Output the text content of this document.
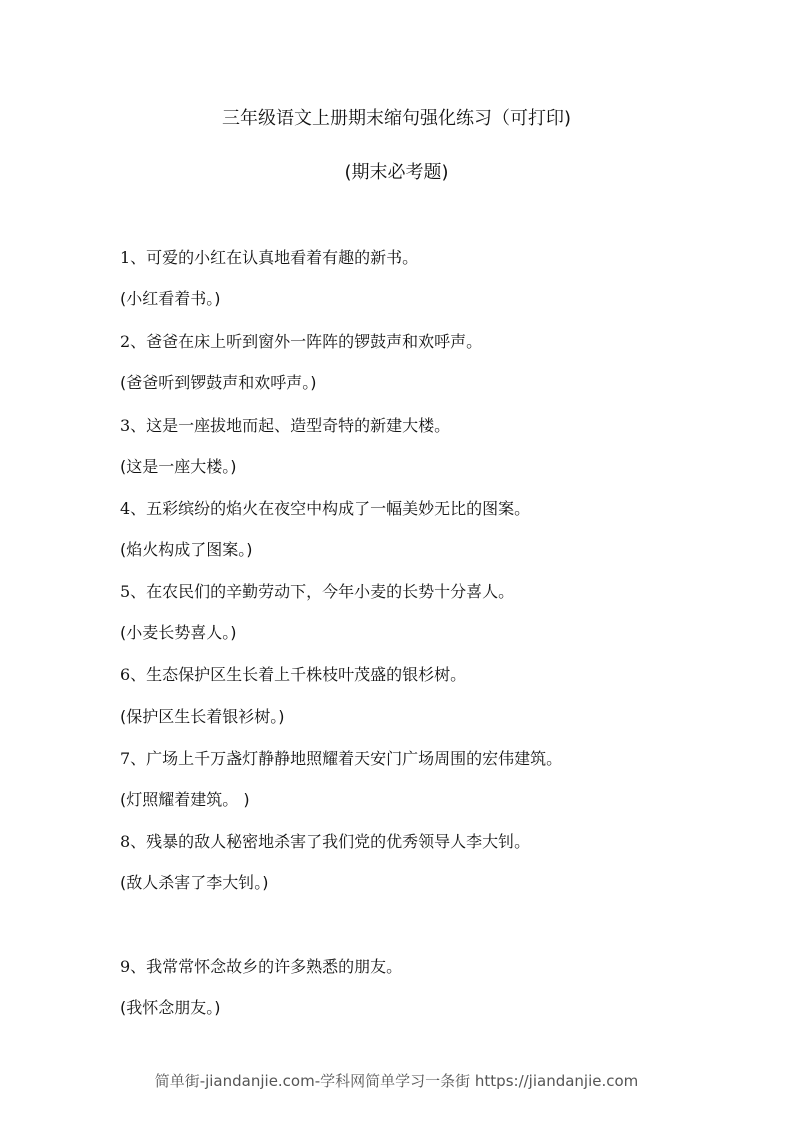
三年级语文上册期末缩句强化练习（可打印)
(期末必考题)
1、可爱的小红在认真地看着有趣的新书。
(小红看着书。)
2、爸爸在床上听到窗外一阵阵的锣鼓声和欢呼声。
(爸爸听到锣鼓声和欢呼声。)
3、这是一座拔地而起、造型奇特的新建大楼。
(这是一座大楼。)
4、五彩缤纷的焰火在夜空中构成了一幅美妙无比的图案。
(焰火构成了图案。)
5、在农民们的辛勤劳动下，今年小麦的长势十分喜人。
(小麦长势喜人。)
6、生态保护区生长着上千株枝叶茂盛的银杉树。
(保护区生长着银衫树。)
7、广场上千万盏灯静静地照耀着天安门广场周围的宏伟建筑。
(灯照耀着建筑。 )
8、残暴的敌人秘密地杀害了我们党的优秀领导人李大钊。
(敌人杀害了李大钊。)
9、我常常怀念故乡的许多熟悉的朋友。
(我怀念朋友。)
简单街-jiandanjie.com-学科网简单学习一条街 https://jiandanjie.com
